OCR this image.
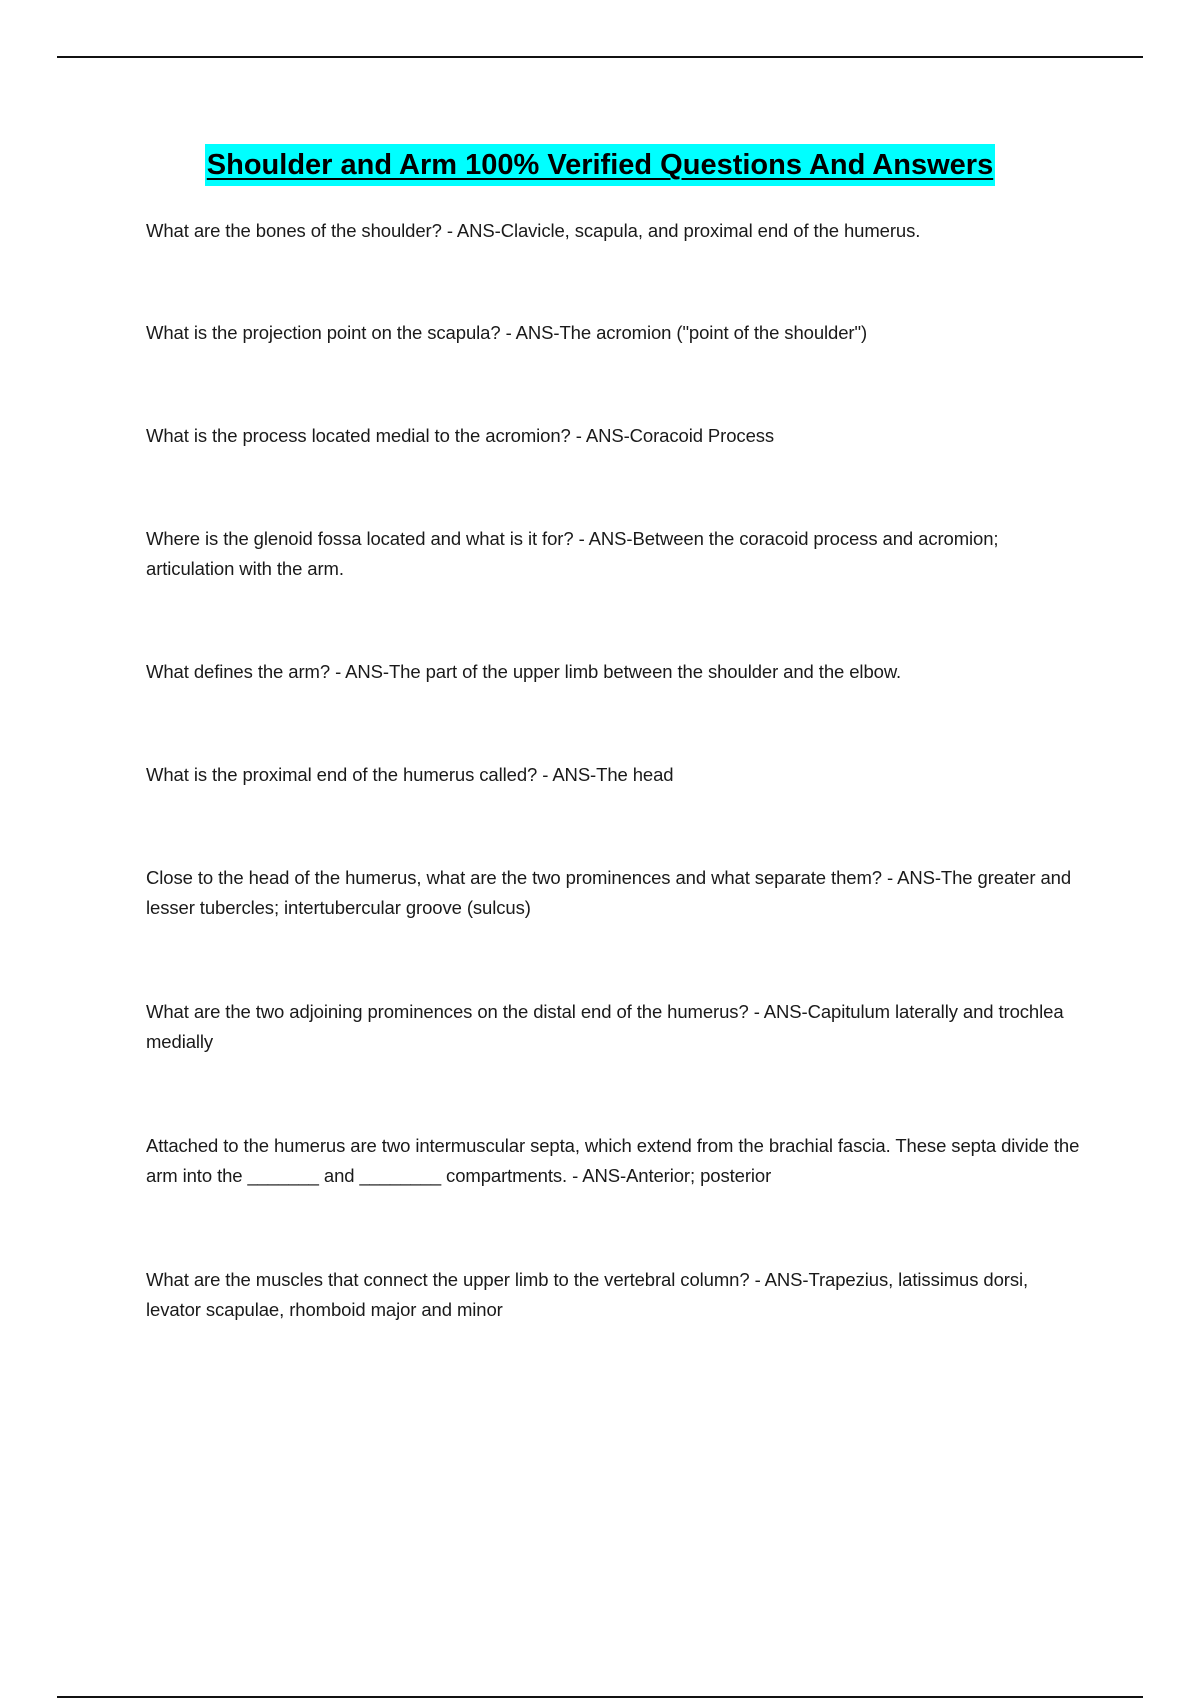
Shoulder and Arm 100% Verified Questions And Answers

What are the bones of the shoulder? - ANS-Clavicle, scapula, and proximal end of the humerus.

What is the projection point on the scapula? - ANS-The acromion ("point of the shoulder")

What is the process located medial to the acromion? - ANS-Coracoid Process

Where is the glenoid fossa located and what is it for? - ANS-Between the coracoid process and acromion; articulation with the arm.

What defines the arm? - ANS-The part of the upper limb between the shoulder and the elbow.

What is the proximal end of the humerus called? - ANS-The head

Close to the head of the humerus, what are the two prominences and what separate them? - ANS-The greater and lesser tubercles; intertubercular groove (sulcus)

What are the two adjoining prominences on the distal end of the humerus? - ANS-Capitulum laterally and trochlea medially

Attached to the humerus are two intermuscular septa, which extend from the brachial fascia. These septa divide the arm into the _______ and ________ compartments. - ANS-Anterior; posterior

What are the muscles that connect the upper limb to the vertebral column? - ANS-Trapezius, latissimus dorsi, levator scapulae, rhomboid major and minor
